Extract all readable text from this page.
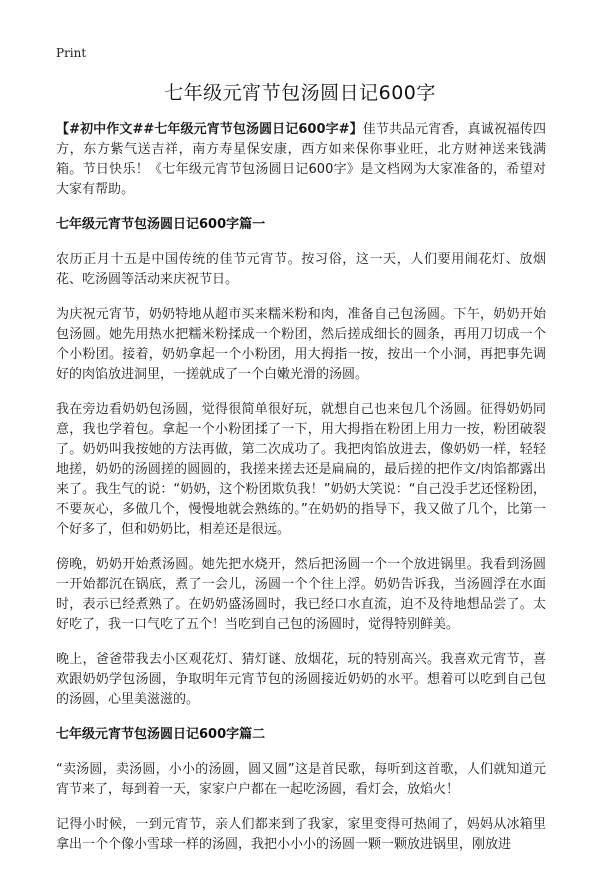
Print
七年级元宵节包汤圆日记600字

【#初中作文##七年级元宵节包汤圆日记600字#】佳节共品元宵香，真诚祝福传四方，东方紫气送吉祥，南方寿星保安康，西方如来保你事业旺，北方财神送来钱满箱。节日快乐！《七年级元宵节包汤圆日记600字》是文档网为大家准备的，希望对大家有帮助。

七年级元宵节包汤圆日记600字篇一

农历正月十五是中国传统的佳节元宵节。按习俗，这一天，人们要用闹花灯、放烟花、吃汤圆等活动来庆祝节日。

为庆祝元宵节，奶奶特地从超市买来糯米粉和肉，准备自己包汤圆。下午，奶奶开始包汤圆。她先用热水把糯米粉揉成一个粉团，然后搓成细长的圆条，再用刀切成一个个小粉团。接着，奶奶拿起一个小粉团，用大拇指一按，按出一个小洞，再把事先调好的肉馅放进洞里，一搓就成了一个白嫩光滑的汤圆。

我在旁边看奶奶包汤圆，觉得很简单很好玩，就想自己也来包几个汤圆。征得奶奶同意，我也学着包。拿起一个小粉团揉了一下，用大拇指在粉团上用力一按，粉团破裂了。奶奶叫我按她的方法再做，第二次成功了。我把肉馅放进去，像奶奶一样，轻轻地搓，奶奶的汤圆搓的圆圆的，我搓来搓去还是扁扁的，最后搓的把作文/肉馅都露出来了。我生气的说：“奶奶，这个粉团欺负我！”奶奶大笑说：“自己没手艺还怪粉团，不要灰心，多做几个，慢慢地就会熟练的。”在奶奶的指导下，我又做了几个，比第一个好多了，但和奶奶比，相差还是很远。

傍晚，奶奶开始煮汤圆。她先把水烧开，然后把汤圆一个一个放进锅里。我看到汤圆一开始都沉在锅底，煮了一会儿，汤圆一个个往上浮。奶奶告诉我，当汤圆浮在水面时，表示已经煮熟了。在奶奶盛汤圆时，我已经口水直流，迫不及待地想品尝了。太好吃了，我一口气吃了五个！当吃到自己包的汤圆时，觉得特别鲜美。

晚上，爸爸带我去小区观花灯、猜灯谜、放烟花，玩的特别高兴。我喜欢元宵节，喜欢跟奶奶学包汤圆，争取明年元宵节包的汤圆接近奶奶的水平。想着可以吃到自己包的汤圆，心里美滋滋的。

七年级元宵节包汤圆日记600字篇二

“卖汤圆，卖汤圆，小小的汤圆，圆又圆”这是首民歌，每听到这首歌，人们就知道元宵节来了，每到着一天，家家户户都在一起吃汤圆，看灯会，放焰火！

记得小时候，一到元宵节，亲人们都来到了我家，家里变得可热闹了，妈妈从冰箱里拿出一个个像小雪球一样的汤圆，我把小小小的汤圆一颗一颗放进锅里，刚放进
